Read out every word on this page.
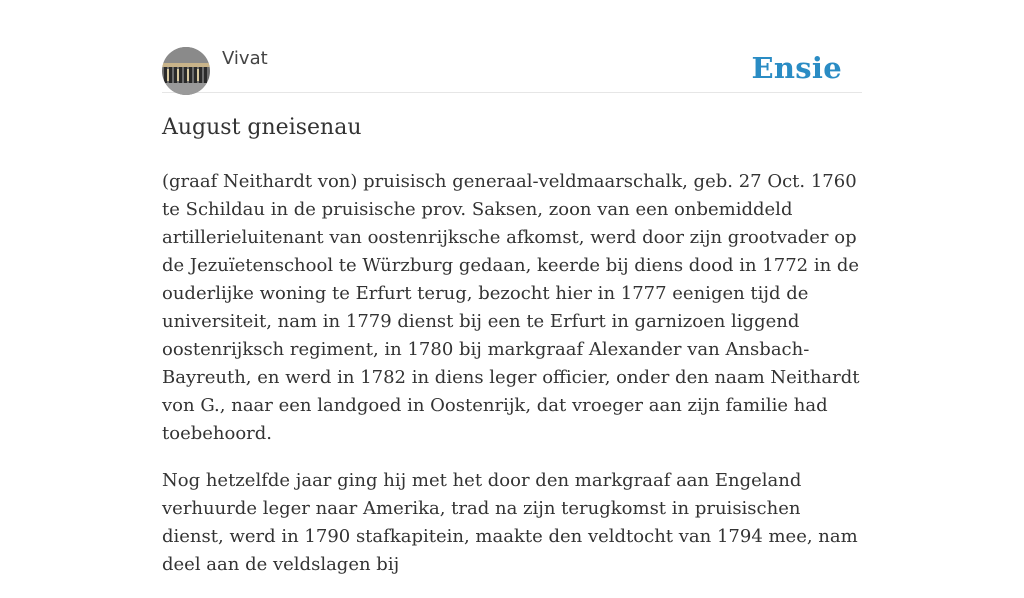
Vivat	Ensie
August gneisenau

(graaf Neithardt von) pruisisch generaal-veldmaarschalk, geb. 27 Oct. 1760 te Schildau in de pruisische prov. Saksen, zoon van een onbemiddeld artillerieluitenant van oostenrijksche afkomst, werd door zijn grootvader op de Jezuïetenschool te Würzburg gedaan, keerde bij diens dood in 1772 in de ouderlijke woning te Erfurt terug, bezocht hier in 1777 eenigen tijd de universiteit, nam in 1779 dienst bij een te Erfurt in garnizoen liggend oostenrijksch regiment, in 1780 bij markgraaf Alexander van Ansbach-Bayreuth, en werd in 1782 in diens leger officier, onder den naam Neithardt von G., naar een landgoed in Oostenrijk, dat vroeger aan zijn familie had toebehoord.

Nog hetzelfde jaar ging hij met het door den markgraaf aan Engeland verhuurde leger naar Amerika, trad na zijn terugkomst in pruisischen dienst, werd in 1790 stafkapitein, maakte den veldtocht van 1794 mee, nam deel aan de veldslagen bij
